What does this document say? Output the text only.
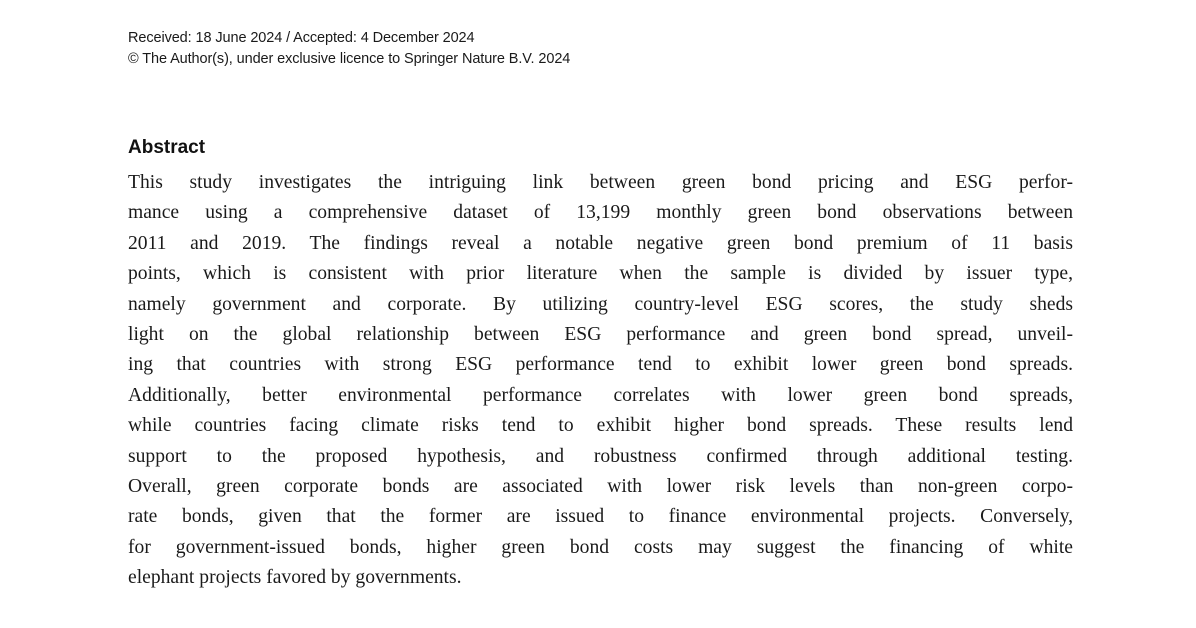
Received: 18 June 2024 / Accepted: 4 December 2024
© The Author(s), under exclusive licence to Springer Nature B.V. 2024
Abstract
This study investigates the intriguing link between green bond pricing and ESG perfor-
mance using a comprehensive dataset of 13,199 monthly green bond observations between
2011 and 2019. The findings reveal a notable negative green bond premium of 11 basis
points, which is consistent with prior literature when the sample is divided by issuer type,
namely government and corporate. By utilizing country-level ESG scores, the study sheds
light on the global relationship between ESG performance and green bond spread, unveil-
ing that countries with strong ESG performance tend to exhibit lower green bond spreads.
Additionally, better environmental performance correlates with lower green bond spreads,
while countries facing climate risks tend to exhibit higher bond spreads. These results lend
support to the proposed hypothesis, and robustness confirmed through additional testing.
Overall, green corporate bonds are associated with lower risk levels than non-green corpo-
rate bonds, given that the former are issued to finance environmental projects. Conversely,
for government-issued bonds, higher green bond costs may suggest the financing of white
elephant projects favored by governments.
